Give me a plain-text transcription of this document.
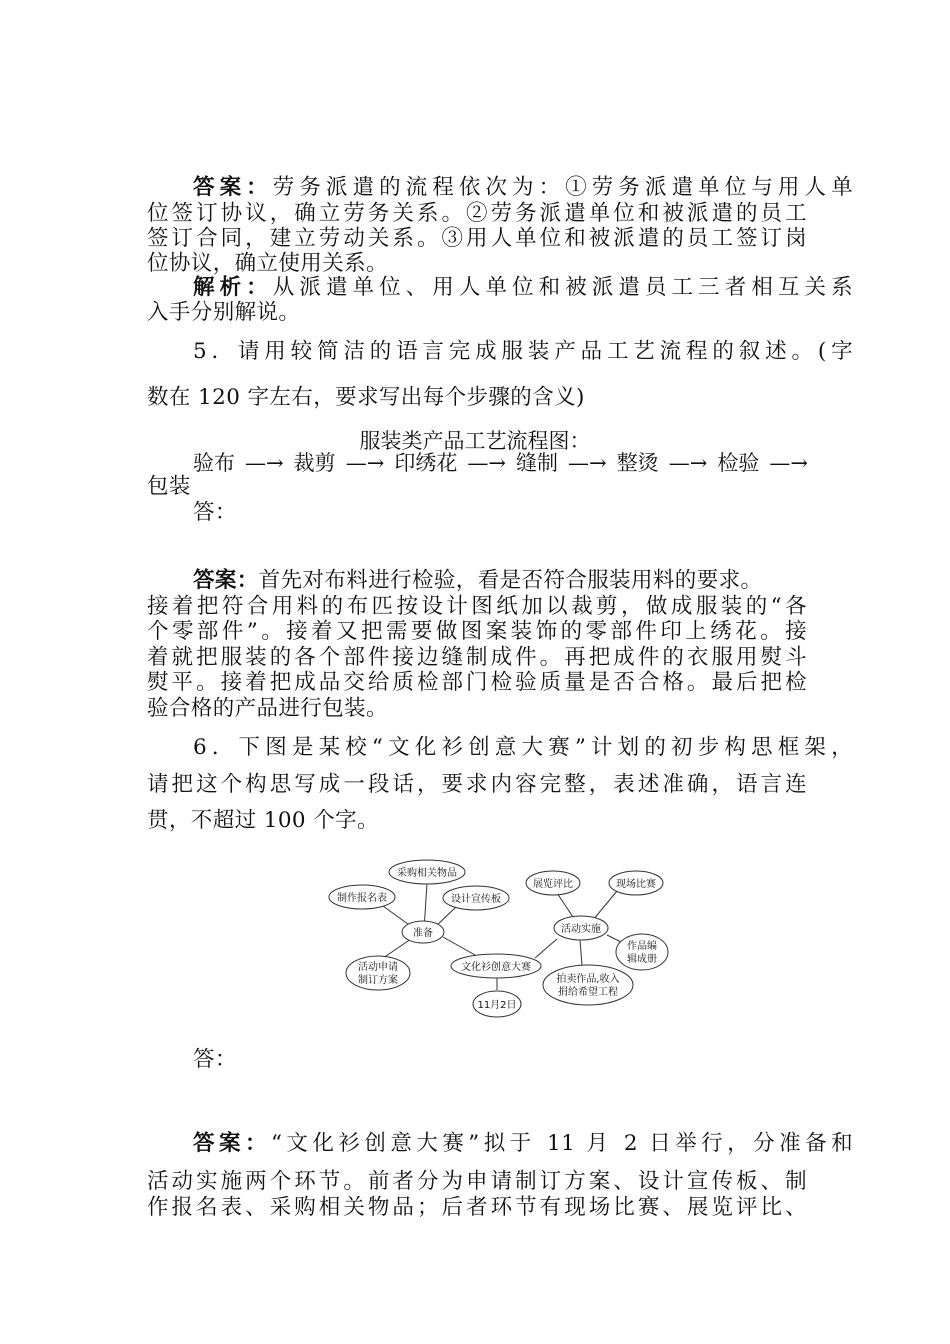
答案：劳务派遣的流程依次为：①劳务派遣单位与用人单
位签订协议，确立劳务关系。②劳务派遣单位和被派遣的员工
签订合同，建立劳动关系。③用人单位和被派遣的员工签订岗
位协议，确立使用关系。
解析：从派遣单位、用人单位和被派遣员工三者相互关系
入手分别解说。
5．请用较简洁的语言完成服装产品工艺流程的叙述。(字
数在 120 字左右，要求写出每个步骤的含义)
服装类产品工艺流程图：
验布 —→ 裁剪 —→ 印绣花 —→ 缝制 —→ 整烫 —→ 检验 —→
包装
答：
答案：首先对布料进行检验，看是否符合服装用料的要求。
接着把符合用料的布匹按设计图纸加以裁剪，做成服装的“各
个零部件”。接着又把需要做图案装饰的零部件印上绣花。接
着就把服装的各个部件接边缝制成件。再把成件的衣服用熨斗
熨平。接着把成品交给质检部门检验质量是否合格。最后把检
验合格的产品进行包装。
6．下图是某校“文化衫创意大赛”计划的初步构思框架，
请把这个构思写成一段话，要求内容完整，表述准确，语言连
贯，不超过 100 个字。
采购相关物品
制作报名表	设计宣传板
准备
活动申请
制订方案
文化衫创意大赛
11月2日
展览评比	现场比赛
活动实施
作品编
辑成册
拍卖作品,收入
捐给希望工程
答：
答案：“文化衫创意大赛”拟于 11 月 2 日举行，分准备和
活动实施两个环节。前者分为申请制订方案、设计宣传板、制
作报名表、采购相关物品；后者环节有现场比赛、展览评比、
